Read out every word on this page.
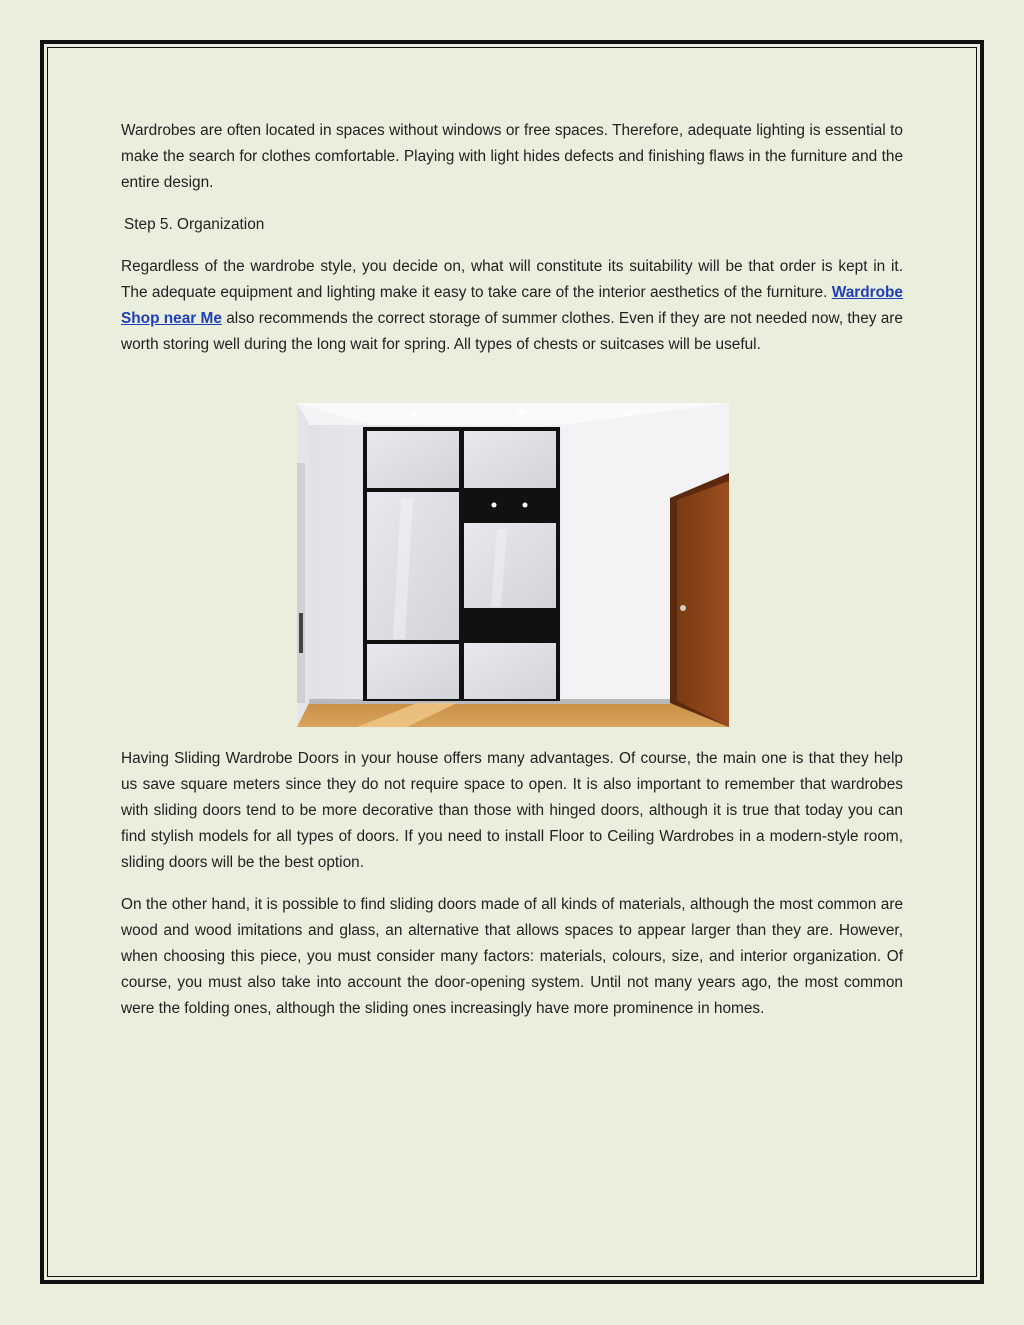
Wardrobes are often located in spaces without windows or free spaces. Therefore, adequate lighting is essential to make the search for clothes comfortable. Playing with light hides defects and finishing flaws in the furniture and the entire design.

Step 5. Organization

Regardless of the wardrobe style, you decide on, what will constitute its suitability will be that order is kept in it. The adequate equipment and lighting make it easy to take care of the interior aesthetics of the furniture. Wardrobe Shop near Me also recommends the correct storage of summer clothes. Even if they are not needed now, they are worth storing well during the long wait for spring. All types of chests or suitcases will be useful.

Having Sliding Wardrobe Doors in your house offers many advantages. Of course, the main one is that they help us save square meters since they do not require space to open. It is also important to remember that wardrobes with sliding doors tend to be more decorative than those with hinged doors, although it is true that today you can find stylish models for all types of doors. If you need to install Floor to Ceiling Wardrobes in a modern-style room, sliding doors will be the best option.

On the other hand, it is possible to find sliding doors made of all kinds of materials, although the most common are wood and wood imitations and glass, an alternative that allows spaces to appear larger than they are. However, when choosing this piece, you must consider many factors: materials, colours, size, and interior organization. Of course, you must also take into account the door-opening system. Until not many years ago, the most common were the folding ones, although the sliding ones increasingly have more prominence in homes.
